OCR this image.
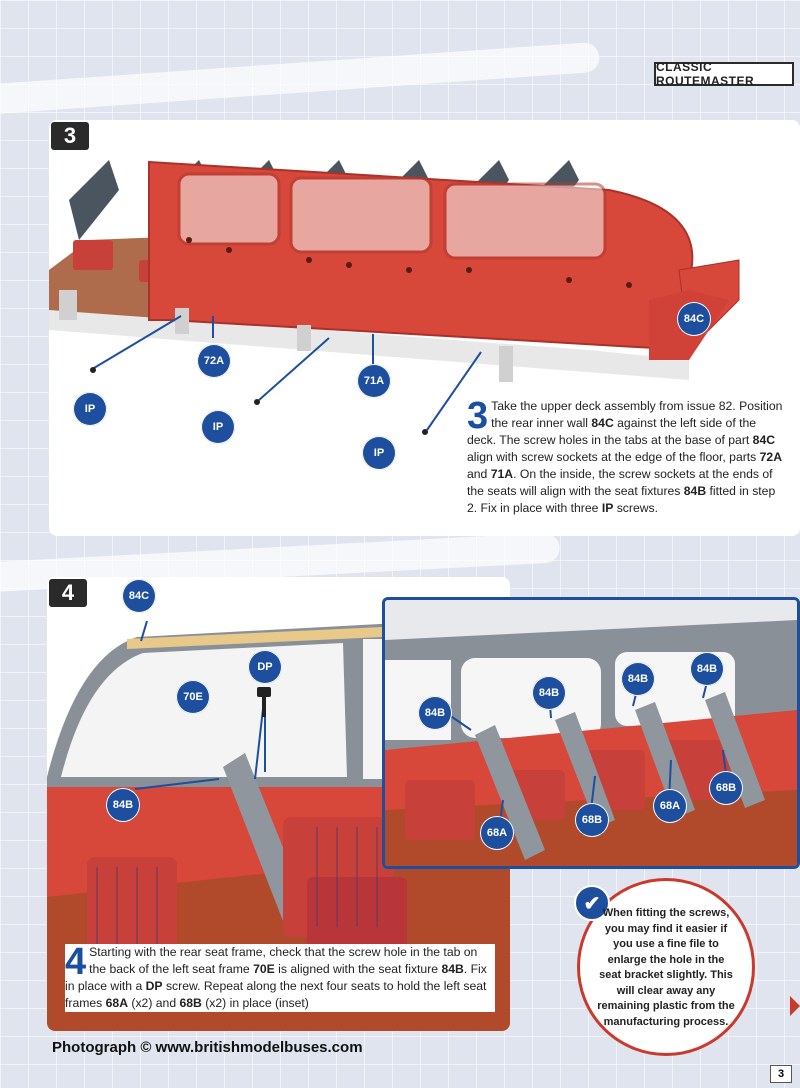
CLASSIC ROUTEMASTER
3
84C
72A
71A
IP
IP
IP
3 Take the upper deck assembly from issue 82. Position the rear inner wall 84C against the left side of the deck. The screw holes in the tabs at the base of part 84C align with screw sockets at the edge of the floor, parts 72A and 71A. On the inside, the screw sockets at the ends of the seats will align with the seat fixtures 84B fitted in step 2. Fix in place with three IP screws.
4	84C
DP
70E
84B
4 Starting with the rear seat frame, check that the screw hole in the tab on the back of the left seat frame 70E is aligned with the seat fixture 84B. Fix in place with a DP screw. Repeat along the next four seats to hold the left seat frames 68A (x2) and 68B (x2) in place (inset)
84B
84B
84B
84B
68A
68B
68A
68B
✔ When fitting the screws, you may find it easier if you use a fine file to enlarge the hole in the seat bracket slightly. This will clear away any remaining plastic from the manufacturing process.
Photograph © www.britishmodelbuses.com
3
